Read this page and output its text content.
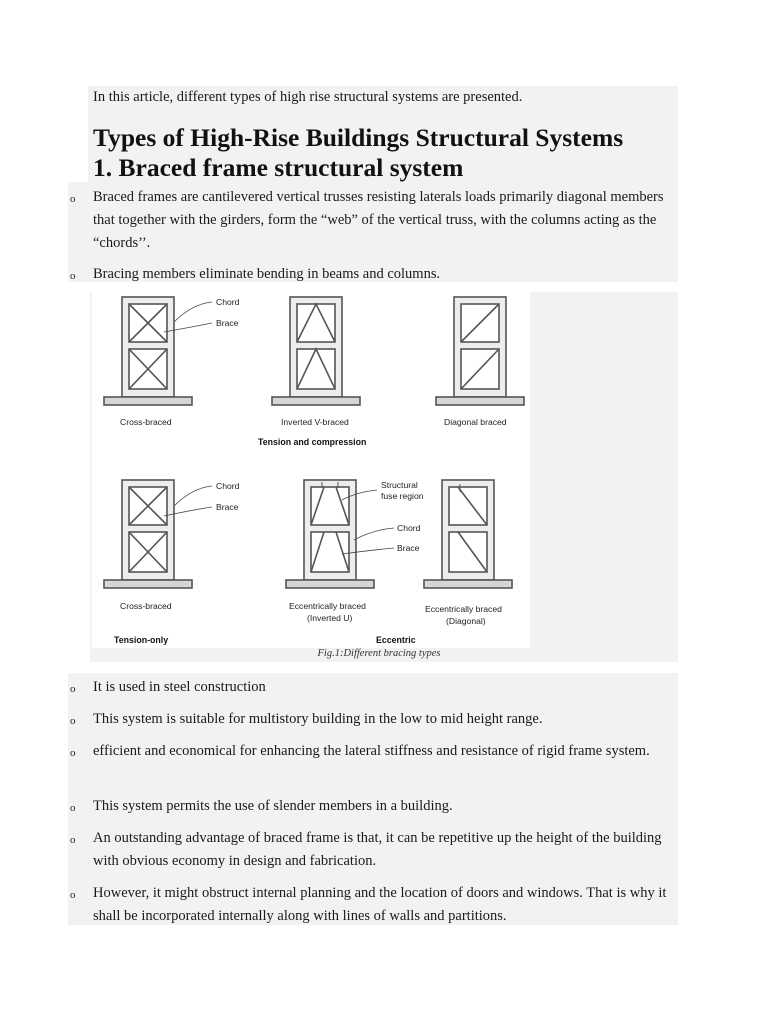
In this article, different types of high rise structural systems are presented.

Types of High-Rise Buildings Structural Systems
1. Braced frame structural system
o Braced frames are cantilevered vertical trusses resisting laterals loads primarily diagonal members that together with the girders, form the “web” of the vertical truss, with the columns acting as the “chords’’.

o Bracing members eliminate bending in beams and columns.

Chord
Brace
Cross-braced	Inverted V-braced	Diagonal braced
Tension and compression
Chord
Brace
Structural
fuse region
Chord
Brace
Cross-braced	Eccentrically braced
(Inverted U)
Eccentrically braced
(Diagonal)
Tension-only	Eccentric
Fig.1:Different bracing types
o It is used in steel construction

o This system is suitable for multistory building in the low to mid height range.

o efficient and economical for enhancing the lateral stiffness and resistance of rigid frame system.

o This system permits the use of slender members in a building.

o An outstanding advantage of braced frame is that, it can be repetitive up the height of the building with obvious economy in design and fabrication.

o However, it might obstruct internal planning and the location of doors and windows. That is why it shall be incorporated internally along with lines of walls and partitions.
